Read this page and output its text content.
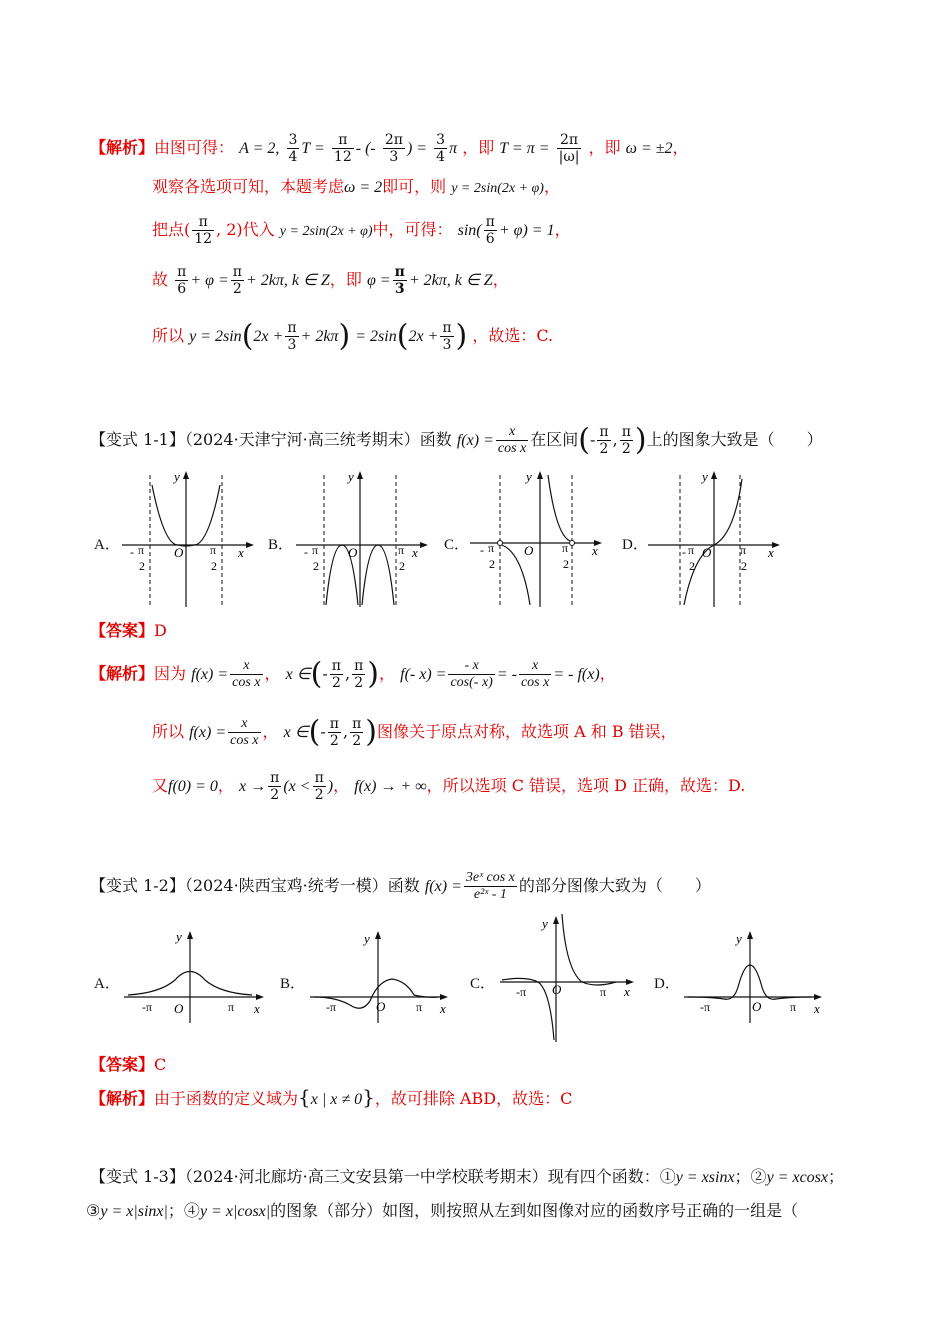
【解析】由图可得： A = 2, $\frac{3}{4}$ $T = \frac{\pi}{12}$ - (- $\frac{2\pi}{3}$ ) = $\frac{3}{4}$ π ，即 $T = \pi = \frac{2\pi}{|\omega|}$ ，即 ω = ±2，
观察各选项可知，本题考虑ω = 2即可，则 y = 2sin(2x + φ)，
把点( $\frac{\pi}{12}$ , 2)代入 y = 2sin(2x + φ)中，可得： $\sin( \frac{\pi}{6} + \varphi) = 1$，
故 $\frac{\pi}{6} + \varphi = \frac{\pi}{2} + 2k\pi$, k ∈ Z，即 $\varphi = \frac{\pi}{3} + 2k\pi$, k ∈ Z，
所以 $y = 2\sin(2x + \frac{\pi}{3} + 2k\pi) = 2\sin(2x + \frac{\pi}{3}$ ) ，故选：C.
【变式 1-1】（2024·天津宁河·高三统考期末）函数 $f(x) = \frac{x}{\text{cos x}}$ 在区间(- $\frac{\pi}{2}$ , $\frac{\pi}{2}$ )上的图象大致是（　　）
A．
y
x
O
- π
2
π
2
B．
y
x
O
- π
2
π
2
C．
y
x
O
- π
2
π
2
D．
y
x
O
- π
2
π
2
【答案】D
【解析】因为 $f(x) = \frac{x}{\text{cos x}}$ ， x ∈(- $\frac{\pi}{2}$ , $\frac{\pi}{2}$ )， f(- $x) = \frac{- x}{\cos(- x)}$ = - $\frac{x}{\text{cos x}}$ = - f(x)，
所以 $f(x) = \frac{x}{\text{cos x}}$ ， x ∈(- $\frac{\pi}{2}$ , $\frac{\pi}{2}$ )图像关于原点对称，故选项 A 和 B 错误，
又f(0) = 0， $x \to \frac{\pi}{2} (x < \frac{\pi}{2}$ )， f(x) → + ∞，所以选项 C 错误，选项 D 正确，故选：D.
【变式 1-2】（2024·陕西宝鸡·统考一模）函数 $f(x) = \frac{\text{3eˣ cos x}}{\text{e²ˣ - 1}}$ 的部分图像大致为（　　）
A．
y
x
O
-π	π
B．
y
x
O
-π	π
C．
y
x
O
-π	π	D．
y
x
O
-π	π
【答案】C
【解析】由于函数的定义域为{x | x ≠ 0}，故可排除 ABD，故选：C
【变式 1-3】（2024·河北廊坊·高三文安县第一中学校联考期末）现有四个函数：①y = xsinx；②y = xcosx；
③y = x|sinx|；④y = x|cosx|的图象（部分）如图，则按照从左到如图像对应的函数序号正确的一组是（
